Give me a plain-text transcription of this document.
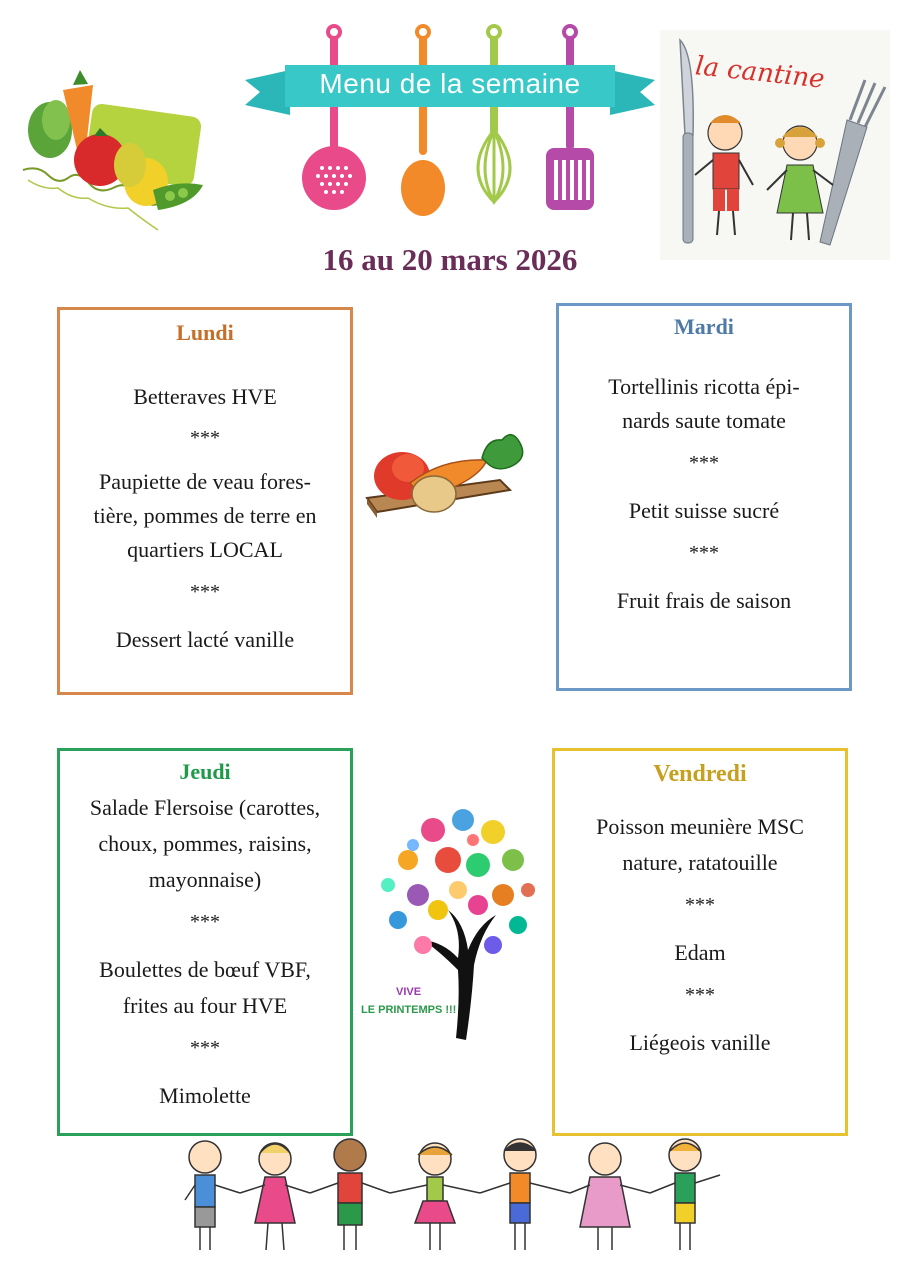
Menu de la semaine	la cantine
16 au 20 mars 2026
Lundi
Betteraves HVE
***
Paupiette de veau fores-
tière, pommes de terre en
quartiers LOCAL
***
Dessert lacté vanille
Mardi
Tortellinis ricotta épi-
nards saute tomate
***
Petit suisse sucré
***
Fruit frais de saison
Jeudi
Salade Flersoise (carottes,
choux, pommes, raisins,
mayonnaise)
***
Boulettes de bœuf VBF,
frites au four HVE
***
Mimolette
VIVE
LE PRINTEMPS !!!
Vendredi
Poisson meunière MSC
nature, ratatouille
***
Edam
***
Liégeois vanille
